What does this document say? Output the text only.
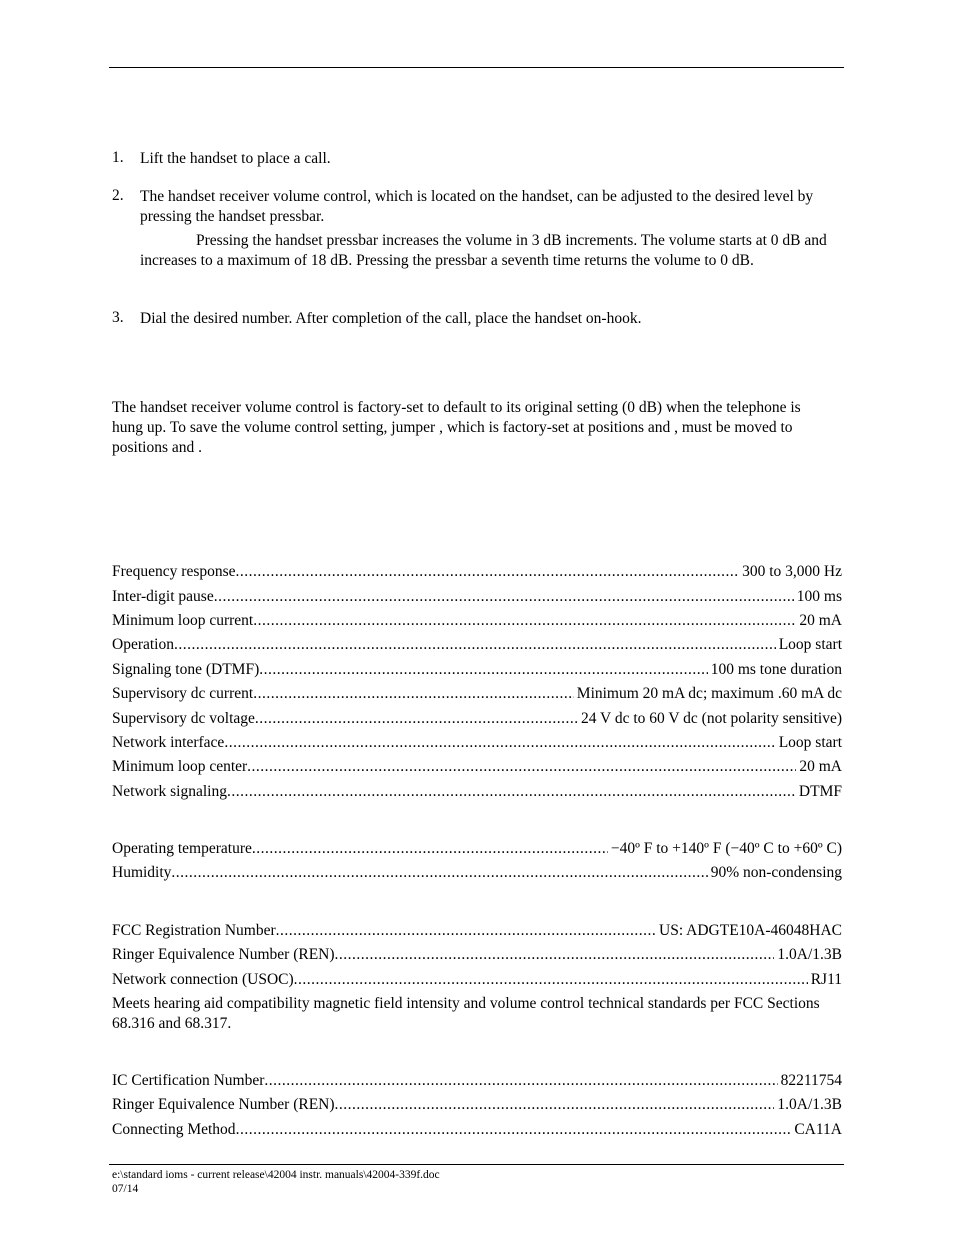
1. Lift the handset to place a call.
2. The handset receiver volume control, which is located on the handset, can be adjusted to the desired level by pressing the handset pressbar.
Pressing the handset pressbar increases the volume in 3 dB increments. The volume starts at 0 dB and increases to a maximum of 18 dB. Pressing the pressbar a seventh time returns the volume to 0 dB.
3. Dial the desired number. After completion of the call, place the handset on-hook.
The handset receiver volume control is factory-set to default to its original setting (0 dB) when the telephone is hung up. To save the volume control setting, jumper , which is factory-set at positions and , must be moved to positions and .
Frequency response .....	300 to 3,000 Hz
Inter-digit pause .....	100 ms
Minimum loop current .....	20 mA
Operation .....	Loop start
Signaling tone (DTMF) .....	100 ms tone duration
Supervisory dc current .....	Minimum 20 mA dc; maximum .60 mA dc
Supervisory dc voltage .....	24 V dc to 60 V dc (not polarity sensitive)
Network interface .....	Loop start
Minimum loop center .....	20 mA
Network signaling .....	DTMF
Operating temperature .....	−40º F to +140º F (−40º C to +60º C)
Humidity .....	90% non-condensing
FCC Registration Number .....	US: ADGTE10A-46048HAC
Ringer Equivalence Number (REN) .....	1.0A/1.3B
Network connection (USOC) .....	RJ11
Meets hearing aid compatibility magnetic field intensity and volume control technical standards per FCC Sections 68.316 and 68.317.
IC Certification Number .....	82211754
Ringer Equivalence Number (REN) .....	1.0A/1.3B
Connecting Method .....	CA11A
e:\standard ioms - current release\42004 instr. manuals\42004-339f.doc
07/14
